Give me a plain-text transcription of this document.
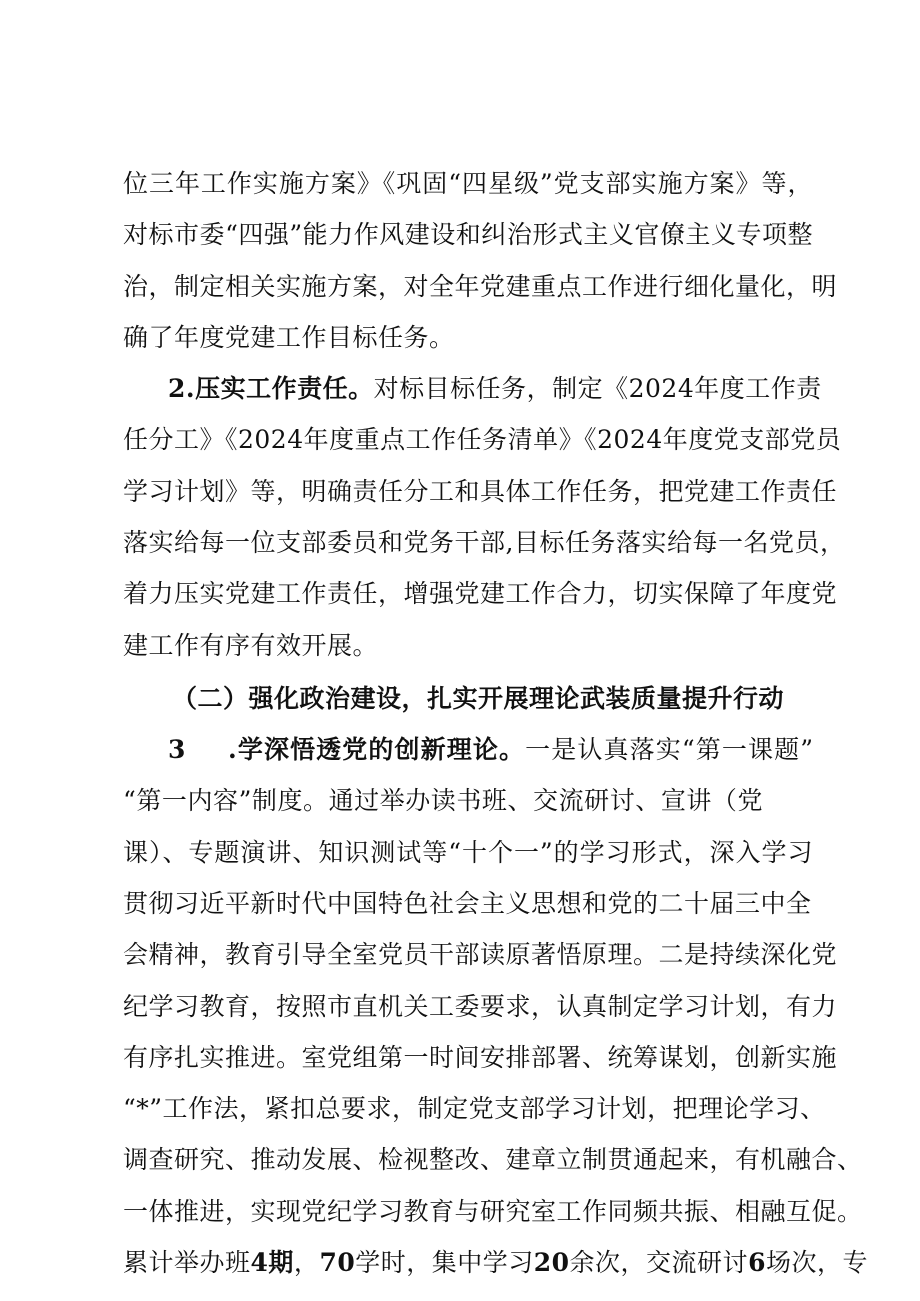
位三年工作实施方案》《巩固“四星级”党支部实施方案》等，
对标市委“四强”能力作风建设和纠治形式主义官僚主义专项整
治，制定相关实施方案，对全年党建重点工作进行细化量化，明
确了年度党建工作目标任务。
2.压实工作责任。对标目标任务，制定《2024年度工作责
任分工》《2024年度重点工作任务清单》《2024年度党支部党员
学习计划》等，明确责任分工和具体工作任务，把党建工作责任
落实给每一位支部委员和党务干部,目标任务落实给每一名党员，
着力压实党建工作责任，增强党建工作合力，切实保障了年度党
建工作有序有效开展。
（二）强化政治建设，扎实开展理论武装质量提升行动
3 .学深悟透党的创新理论。一是认真落实“第一课题”
“第一内容”制度。通过举办读书班、交流研讨、宣讲（党
课）、专题演讲、知识测试等“十个一”的学习形式，深入学习
贯彻习近平新时代中国特色社会主义思想和党的二十届三中全
会精神，教育引导全室党员干部读原著悟原理。二是持续深化党
纪学习教育，按照市直机关工委要求，认真制定学习计划，有力
有序扎实推进。室党组第一时间安排部署、统筹谋划，创新实施
“*”工作法，紧扣总要求，制定党支部学习计划，把理论学习、
调查研究、推动发展、检视整改、建章立制贯通起来，有机融合、
一体推进，实现党纪学习教育与研究室工作同频共振、相融互促。
累计举办班4期，70学时，集中学习20余次，交流研讨6场次，专
